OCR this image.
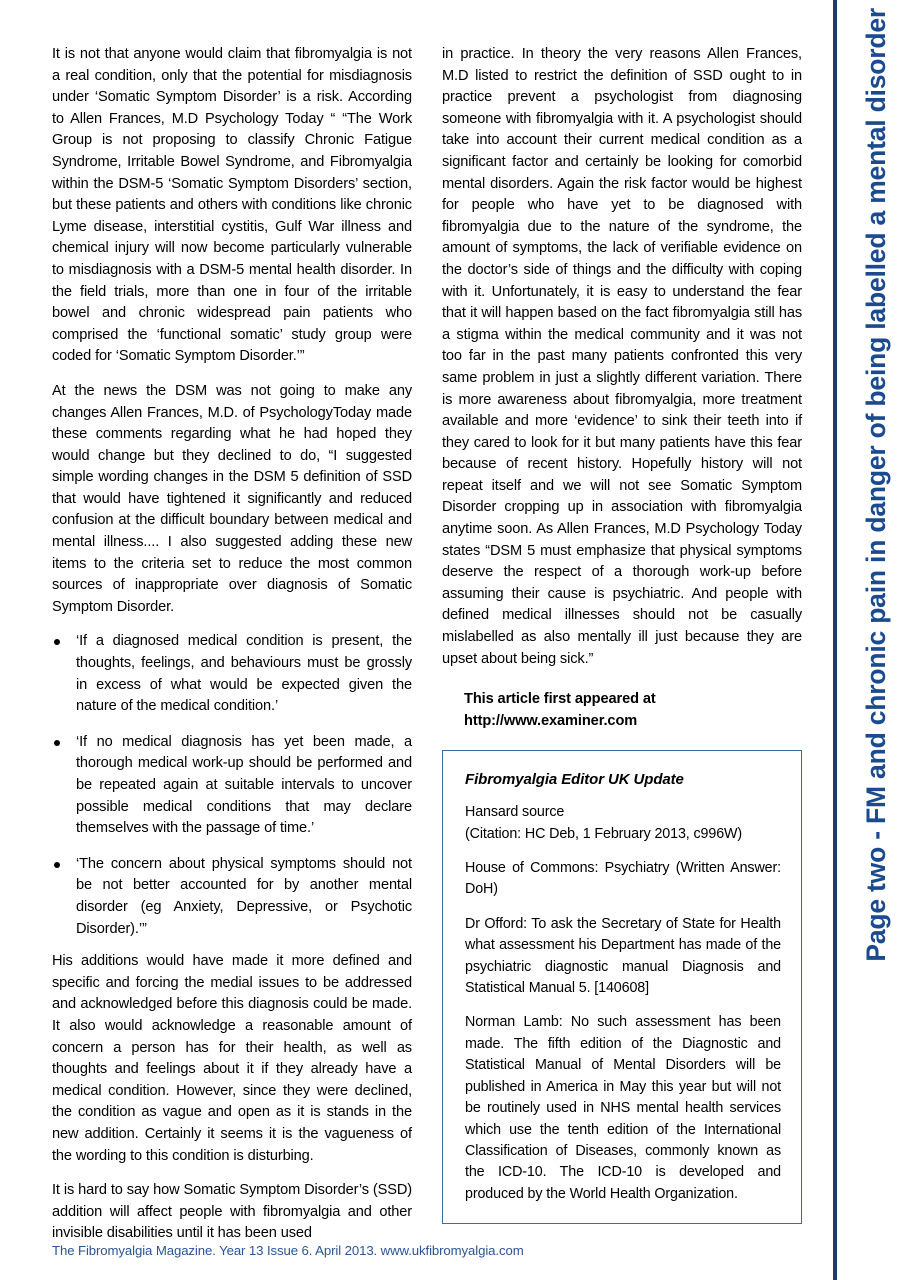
It is not that anyone would claim that fibromyalgia is not a real condition, only that the potential for misdiagnosis under ‘Somatic Symptom Disorder’ is a risk. According to Allen Frances, M.D Psychology Today “ “The Work Group is not proposing to classify Chronic Fatigue Syndrome, Irritable Bowel Syndrome, and Fibromyalgia within the DSM-5 ‘Somatic Symptom Disorders’ section, but these patients and others with conditions like chronic Lyme disease, interstitial cystitis, Gulf War illness and chemical injury will now become particularly vulnerable to misdiagnosis with a DSM-5 mental health disorder. In the field trials, more than one in four of the irritable bowel and chronic widespread pain patients who comprised the ‘functional somatic’ study group were coded for ‘Somatic Symptom Disorder.’”

At the news the DSM was not going to make any changes Allen Frances, M.D. of PsychologyToday made these comments regarding what he had hoped they would change but they declined to do, “I suggested simple wording changes in the DSM 5 definition of SSD that would have tightened it significantly and reduced confusion at the difficult boundary between medical and mental illness.... I also suggested adding these new items to the criteria set to reduce the most common sources of inappropriate over diagnosis of Somatic Symptom Disorder.

‘If a diagnosed medical condition is present, the thoughts, feelings, and behaviours must be grossly in excess of what would be expected given the nature of the medical condition.’
‘If no medical diagnosis has yet been made, a thorough medical work-up should be performed and be repeated again at suitable intervals to uncover possible medical conditions that may declare themselves with the passage of time.’
‘The concern about physical symptoms should not be not better accounted for by another mental disorder (eg Anxiety, Depressive, or Psychotic Disorder).’”

His additions would have made it more defined and specific and forcing the medial issues to be addressed and acknowledged before this diagnosis could be made. It also would acknowledge a reasonable amount of concern a person has for their health, as well as thoughts and feelings about it if they already have a medical condition. However, since they were declined, the condition as vague and open as it is stands in the new addition. Certainly it seems it is the vagueness of the wording to this condition is disturbing.

It is hard to say how Somatic Symptom Disorder’s (SSD) addition will affect people with fibromyalgia and other invisible disabilities until it has been used

in practice. In theory the very reasons Allen Frances, M.D listed to restrict the definition of SSD ought to in practice prevent a psychologist from diagnosing someone with fibromyalgia with it. A psychologist should take into account their current medical condition as a significant factor and certainly be looking for comorbid mental disorders. Again the risk factor would be highest for people who have yet to be diagnosed with fibromyalgia due to the nature of the syndrome, the amount of symptoms, the lack of verifiable evidence on the doctor’s side of things and the difficulty with coping with it. Unfortunately, it is easy to understand the fear that it will happen based on the fact fibromyalgia still has a stigma within the medical community and it was not too far in the past many patients confronted this very same problem in just a slightly different variation. There is more awareness about fibromyalgia, more treatment available and more ‘evidence’ to sink their teeth into if they cared to look for it but many patients have this fear because of recent history. Hopefully history will not repeat itself and we will not see Somatic Symptom Disorder cropping up in association with fibromyalgia anytime soon. As Allen Frances, M.D Psychology Today states “DSM 5 must emphasize that physical symptoms deserve the respect of a thorough work-up before assuming their cause is psychiatric. And people with defined medical illnesses should not be casually mislabelled as also mentally ill just because they are upset about being sick.”

This article first appeared at
http://www.examiner.com
Fibromyalgia Editor UK Update

Hansard source
(Citation: HC Deb, 1 February 2013, c996W)

House of Commons: Psychiatry (Written Answer: DoH)

Dr Offord: To ask the Secretary of State for Health what assessment his Department has made of the psychiatric diagnostic manual Diagnosis and Statistical Manual 5. [140608]

Norman Lamb: No such assessment has been made. The fifth edition of the Diagnostic and Statistical Manual of Mental Disorders will be published in America in May this year but will not be routinely used in NHS mental health services which use the tenth edition of the International Classification of Diseases, commonly known as the ICD-10. The ICD-10 is developed and produced by the World Health Organization.

Page two - FM and chronic pain in danger of being labelled a mental disorder
The Fibromyalgia Magazine. Year 13 Issue 6. April 2013. www.ukfibromyalgia.com
